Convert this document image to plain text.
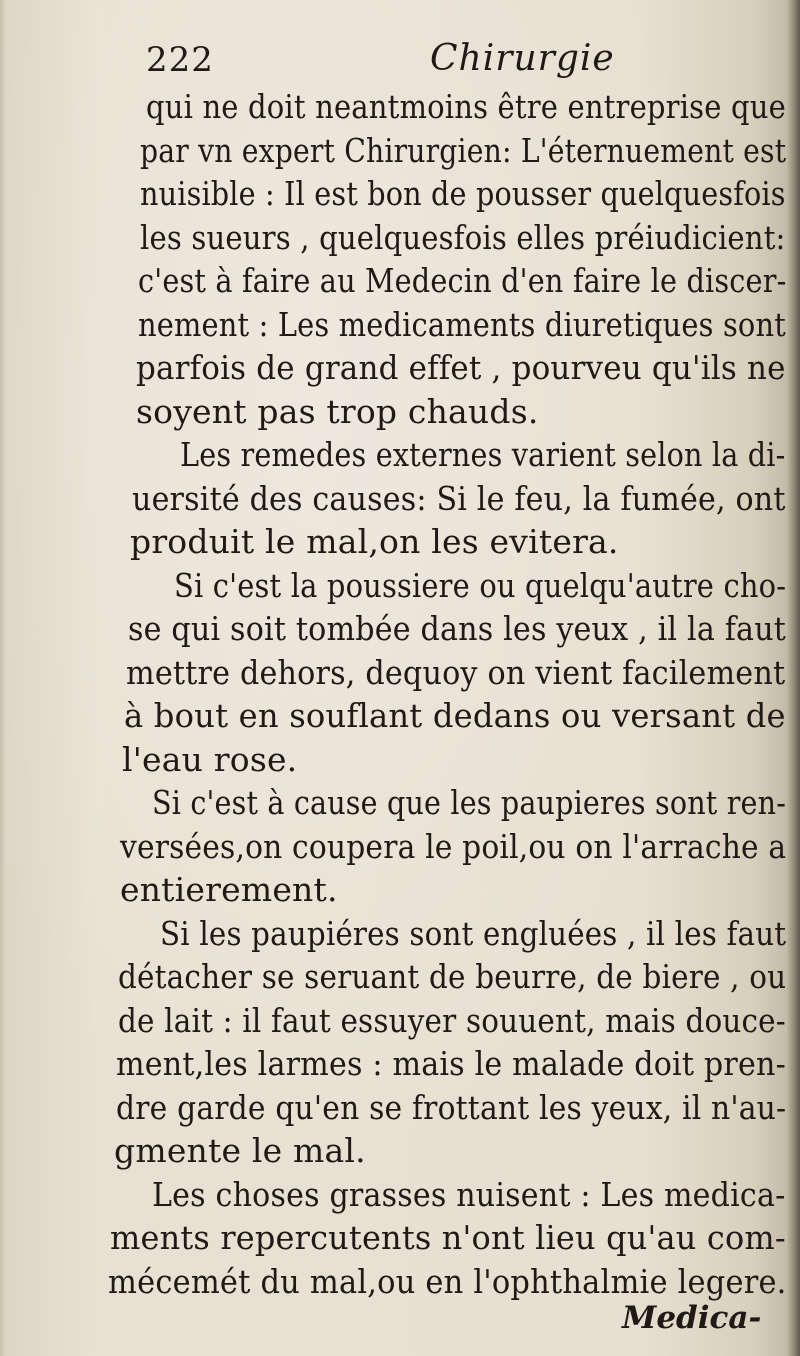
222	Chirurgie
qui ne doit neantmoins être entreprise que
par vn expert Chirurgien: L'éternuement est
nuisible : Il est bon de pousser quelquesfois
les sueurs , quelquesfois elles préiudicient:
c'est à faire au Medecin d'en faire le discer-
nement : Les medicaments diuretiques sont
parfois de grand effet , pourveu qu'ils ne
soyent pas trop chauds.
Les remedes externes varient selon la di-
uersité des causes: Si le feu, la fumée, ont
produit le mal,on les evitera.
Si c'est la poussiere ou quelqu'autre cho-
se qui soit tombée dans les yeux , il la faut
mettre dehors, dequoy on vient facilement
à bout en souflant dedans ou versant de
l'eau rose.
Si c'est à cause que les paupieres sont ren-
versées,on coupera le poil,ou on l'arrache a
entierement.
Si les paupiéres sont engluées , il les faut
détacher se seruant de beurre, de biere , ou
de lait : il faut essuyer souuent, mais douce-
ment,les larmes : mais le malade doit pren-
dre garde qu'en se frottant les yeux, il n'au-
gmente le mal.
Les choses grasses nuisent : Les medica-
ments repercutents n'ont lieu qu'au com-
mécemét du mal,ou en l'ophthalmie legere.
Medica-
